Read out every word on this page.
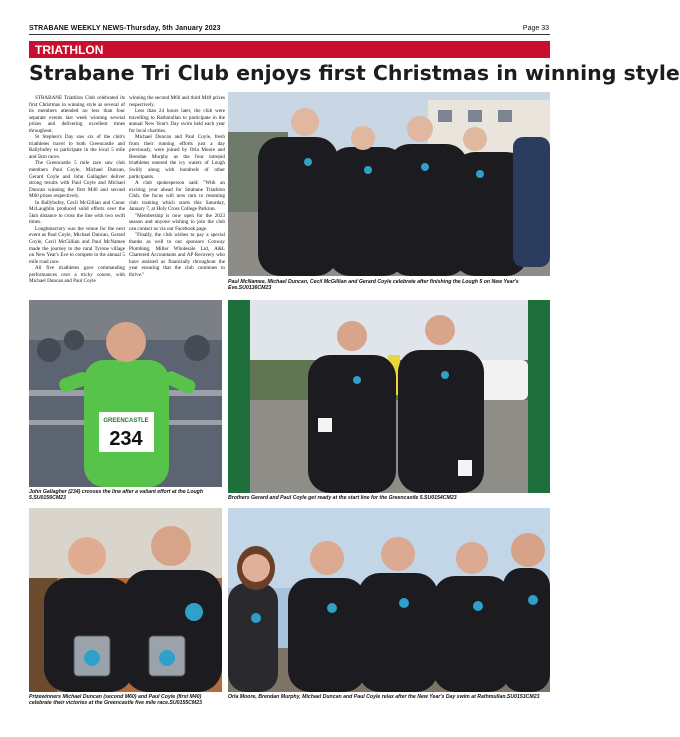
STRABANE WEEKLY NEWS-Thursday, 5th January 2023	Page 33
TRIATHLON
Strabane Tri Club enjoys first Christmas in winning style

STRABANE Triathlon Club celebrated its first Christmas in winning style as several of its members attended no less than four separate events last week winning several prizes and delivering excellent times throughout.

St Stephen's Day saw six of the club's triathletes travel to both Greencastle and Ballybofey to participate in the local 5 mile and 5km races.

The Greencastle 5 mile race saw club members Paul Coyle, Michael Duncan, Gerard Coyle and John Gallagher deliver strong results with Paul Coyle and Michael Duncan winning the first M40 and second M60 prizes respectively.

In Ballybofey, Cecil McGillian and Conor McLaughlin produced solid efforts over the 5km distance to cross the line with two swift times.

Loughmacrory was the venue for the next event as Paul Coyle, Michael Duncan, Gerard Coyle, Cecil McGillian and Paul McNamee made the journey to the rural Tyrone village on New Year's Eve to compete in the annual 5 mile road race.

All five triathletes gave commanding performances over a tricky course, with Michael Duncan and Paul Coyle

winning the second M60 and third M40 prizes respectively.

Less than 24 hours later, the club were travelling to Rathmullan to participate in the annual New Year's Day swim held each year for local charities.

Michael Duncan and Paul Coyle, fresh from their running efforts just a day previously, were joined by Orla Moore and Brendan Murphy as the four intrepid triathletes entered the icy waters of Lough Swilly along with hundreds of other participants.

A club spokesperson said: "With an exciting year ahead for Strabane Triathlon Club, the focus will now turn to resuming club training which starts this Saturday, January 7, at Holy Cross College Parkrun.

"Membership is now open for the 2023 season and anyone wishing to join the club can contact us via our Facebook page.

"Finally, the club wishes to pay a special thanks as well to our sponsors Conway Plumbing, Miller Wholesale Ltd, A&L Chartered Accountants and AP Recovery who have assisted us financially throughout the year ensuring that the club continues to thrive."

Paul McNamee, Michael Duncan, Cecil McGillian and Gerard Coyle celebrate after finishing the Lough 5 on New Year's Eve.SU0136CM23
GREENCASTLE
234
John Gallagher (234) crosses the line after a valiant effort at the Lough 5.SU0156CM23	Brothers Gerard and Paul Coyle get ready at the start line for the Greencastle 5.SU0154CM23
Prizewinners Michael Duncan (second M60) and Paul Coyle (first M40) celebrate their victories at the Greencastle five mile race.SU0155CM23
Orla Moore, Brendan Murphy, Michael Duncan and Paul Coyle relax after the New Year's Day swim at Rathmullan.SU0153CM23
